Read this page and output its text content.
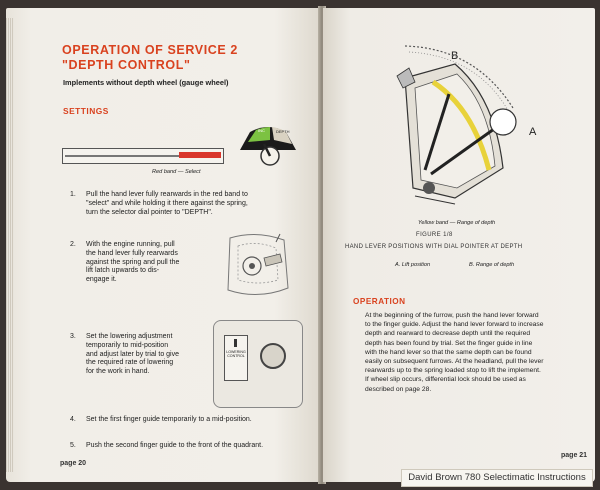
OPERATION OF SERVICE 2
"DEPTH CONTROL"
Implements without depth wheel (gauge wheel)
SETTINGS
Red band — Select
INC	DEPTH
1. Pull the hand lever fully rearwards in the red band to
"select" and while holding it there against the spring,
turn the selector dial pointer to "DEPTH".
2. With the engine running, pull
the hand lever fully rearwards
against the spring and pull the
lift latch upwards to dis-
engage it.
3. Set the lowering adjustment
temporarily to mid-position
and adjust later by trial to give
the required rate of lowering
for the work in hand.
LOWERING CONTROL
4. Set the first finger guide temporarily to a mid-position.
5. Push the second finger guide to the front of the quadrant.
page 20
B
A
Yellow band — Range of depth
FIGURE 1/8
HAND LEVER POSITIONS WITH DIAL POINTER AT DEPTH
A. Lift position	B. Range of depth
OPERATION
At the beginning of the furrow, push the hand lever forward
to the finger guide. Adjust the hand lever forward to increase
depth and rearward to decrease depth until the required
depth has been found by trial. Set the finger guide in line
with the hand lever so that the same depth can be found
easily on subsequent furrows. At the headland, pull the lever
rearwards up to the spring loaded stop to lift the implement.
If wheel slip occurs, differential lock should be used as
described on page 28.
page 21
David Brown 780 Selectimatic Instructions
